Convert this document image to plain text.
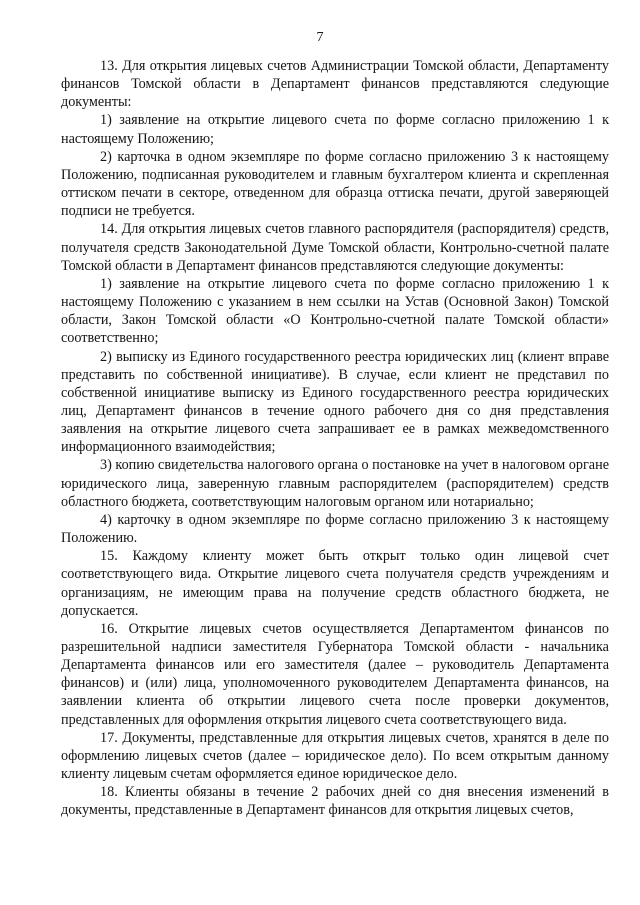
7

13. Для открытия лицевых счетов Администрации Томской области, Департаменту финансов Томской области в Департамент финансов представляются следующие документы:

1) заявление на открытие лицевого счета по форме согласно приложению 1 к настоящему Положению;

2) карточка в одном экземпляре по форме согласно приложению 3 к настоящему Положению, подписанная руководителем и главным бухгалтером клиента и скрепленная оттиском печати в секторе, отведенном для образца оттиска печати, другой заверяющей подписи не требуется.

14. Для открытия лицевых счетов главного распорядителя (распорядителя) средств, получателя средств Законодательной Думе Томской области, Контрольно-счетной палате Томской области в Департамент финансов представляются следующие документы:

1) заявление на открытие лицевого счета по форме согласно приложению 1 к настоящему Положению с указанием в нем ссылки на Устав (Основной Закон) Томской области, Закон Томской области «О Контрольно-счетной палате Томской области» соответственно;

2) выписку из Единого государственного реестра юридических лиц (клиент вправе представить по собственной инициативе). В случае, если клиент не представил по собственной инициативе выписку из Единого государственного реестра юридических лиц, Департамент финансов в течение одного рабочего дня со дня представления заявления на открытие лицевого счета запрашивает ее в рамках межведомственного информационного взаимодействия;

3) копию свидетельства налогового органа о постановке на учет в налоговом органе юридического лица, заверенную главным распорядителем (распорядителем) средств областного бюджета, соответствующим налоговым органом или нотариально;

4) карточку в одном экземпляре по форме согласно приложению 3 к настоящему Положению.

15. Каждому клиенту может быть открыт только один лицевой счет соответствующего вида. Открытие лицевого счета получателя средств учреждениям и организациям, не имеющим права на получение средств областного бюджета, не допускается.

16. Открытие лицевых счетов осуществляется Департаментом финансов по разрешительной надписи заместителя Губернатора Томской области - начальника Департамента финансов или его заместителя (далее – руководитель Департамента финансов) и (или) лица, уполномоченного руководителем Департамента финансов, на заявлении клиента об открытии лицевого счета после проверки документов, представленных для оформления открытия лицевого счета соответствующего вида.

17. Документы, представленные для открытия лицевых счетов, хранятся в деле по оформлению лицевых счетов (далее – юридическое дело). По всем открытым данному клиенту лицевым счетам оформляется единое юридическое дело.

18. Клиенты обязаны в течение 2 рабочих дней со дня внесения изменений в документы, представленные в Департамент финансов для открытия лицевых счетов,
